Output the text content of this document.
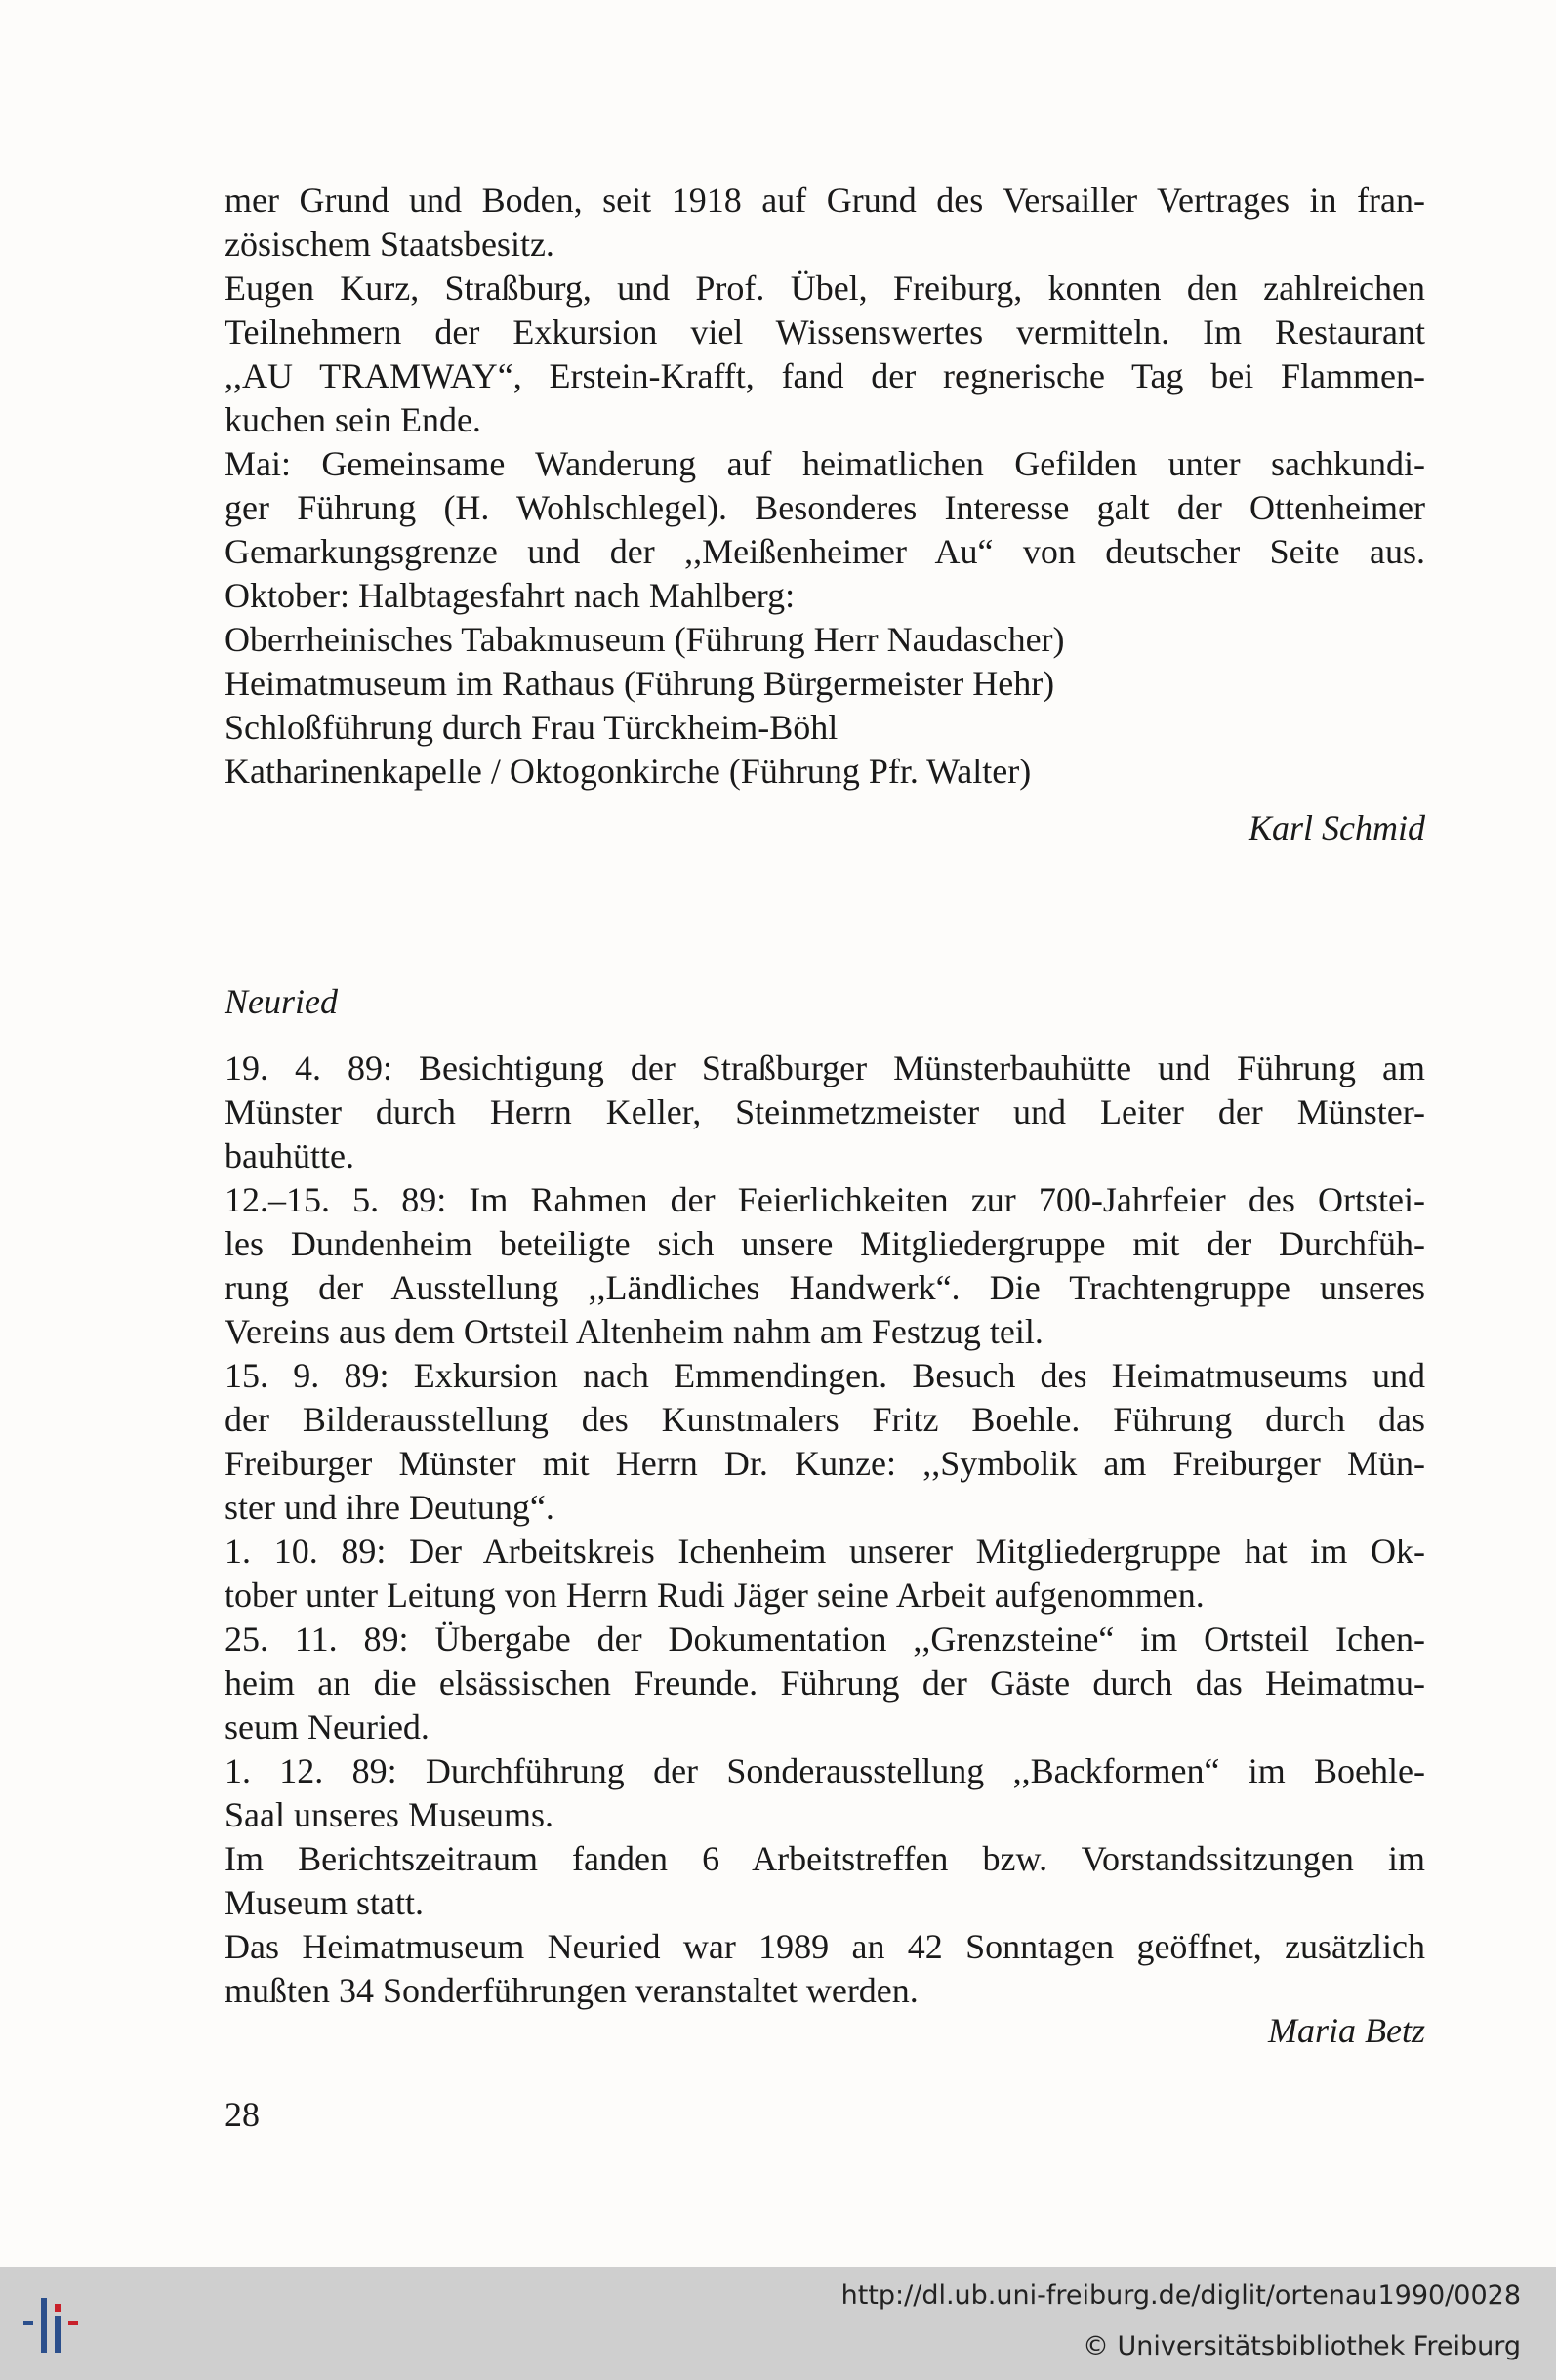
mer Grund und Boden, seit 1918 auf Grund des Versailler Vertrages in fran-
zösischem Staatsbesitz.
Eugen Kurz, Straßburg, und Prof. Übel, Freiburg, konnten den zahlreichen
Teilnehmern der Exkursion viel Wissenswertes vermitteln. Im Restaurant
,,AU TRAMWAY“, Erstein-Krafft, fand der regnerische Tag bei Flammen-
kuchen sein Ende.
Mai: Gemeinsame Wanderung auf heimatlichen Gefilden unter sachkundi-
ger Führung (H. Wohlschlegel). Besonderes Interesse galt der Ottenheimer
Gemarkungsgrenze und der ,,Meißenheimer Au“ von deutscher Seite aus.
Oktober: Halbtagesfahrt nach Mahlberg:
Oberrheinisches Tabakmuseum (Führung Herr Naudascher)
Heimatmuseum im Rathaus (Führung Bürgermeister Hehr)
Schloßführung durch Frau Türckheim-Böhl
Katharinenkapelle / Oktogonkirche (Führung Pfr. Walter)
Karl Schmid
Neuried
19. 4. 89: Besichtigung der Straßburger Münsterbauhütte und Führung am
Münster durch Herrn Keller, Steinmetzmeister und Leiter der Münster-
bauhütte.
12.–15. 5. 89: Im Rahmen der Feierlichkeiten zur 700-Jahrfeier des Ortstei-
les Dundenheim beteiligte sich unsere Mitgliedergruppe mit der Durchfüh-
rung der Ausstellung ,,Ländliches Handwerk“. Die Trachtengruppe unseres
Vereins aus dem Ortsteil Altenheim nahm am Festzug teil.
15. 9. 89: Exkursion nach Emmendingen. Besuch des Heimatmuseums und
der Bilderausstellung des Kunstmalers Fritz Boehle. Führung durch das
Freiburger Münster mit Herrn Dr. Kunze: ,,Symbolik am Freiburger Mün-
ster und ihre Deutung“.
1. 10. 89: Der Arbeitskreis Ichenheim unserer Mitgliedergruppe hat im Ok-
tober unter Leitung von Herrn Rudi Jäger seine Arbeit aufgenommen.
25. 11. 89: Übergabe der Dokumentation ,,Grenzsteine“ im Ortsteil Ichen-
heim an die elsässischen Freunde. Führung der Gäste durch das Heimatmu-
seum Neuried.
1. 12. 89: Durchführung der Sonderausstellung ,,Backformen“ im Boehle-
Saal unseres Museums.
Im Berichtszeitraum fanden 6 Arbeitstreffen bzw. Vorstandssitzungen im
Museum statt.
Das Heimatmuseum Neuried war 1989 an 42 Sonntagen geöffnet, zusätzlich
mußten 34 Sonderführungen veranstaltet werden.
Maria Betz
28
http://dl.ub.uni-freiburg.de/diglit/ortenau1990/0028
© Universitätsbibliothek Freiburg
